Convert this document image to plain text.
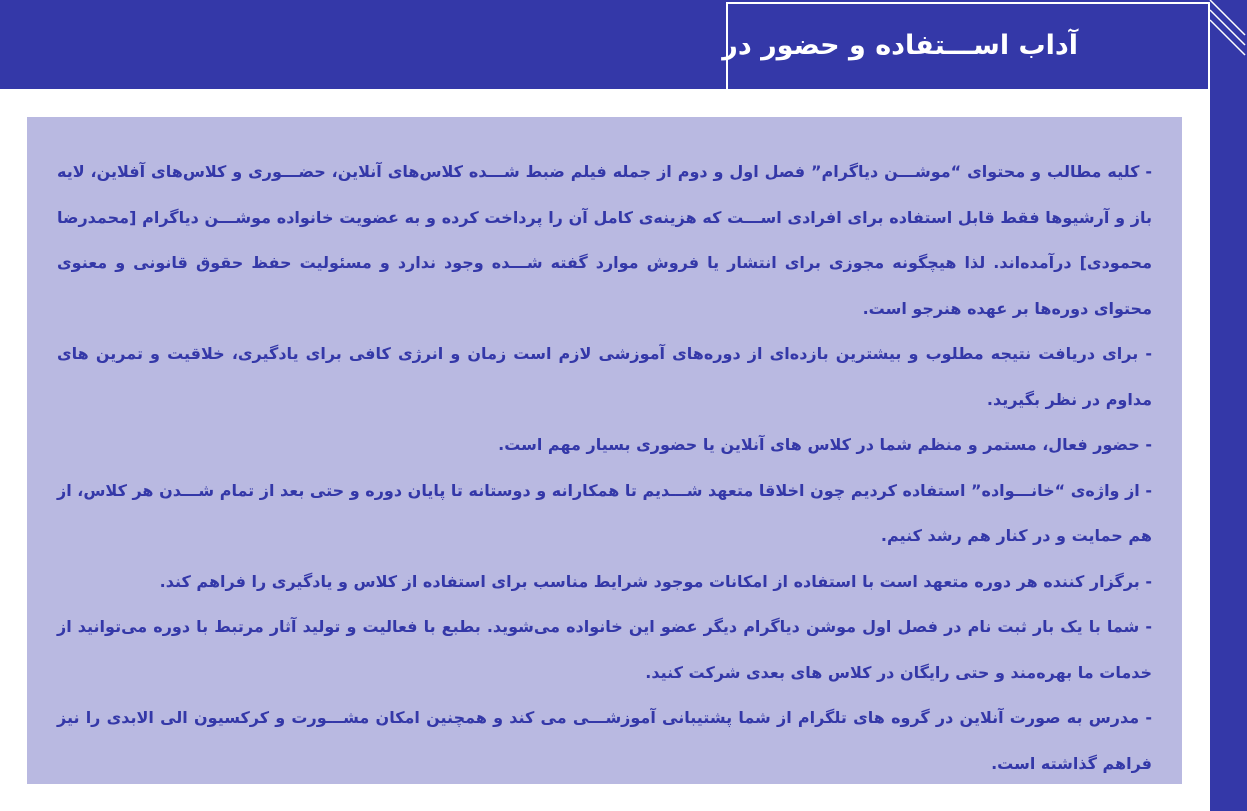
آداب اســـتفاده و حضور در

- کلیه مطالب و محتوای “موشـــن دیاگرام” فصل اول و دوم از جمله فیلم ضبط شـــده کلاس‌های آنلاین، حضـــوری و کلاس‌های آفلاین، لایه باز و آرشیوها فقط قابل استفاده برای افرادی اســـت که هزینه‌ی کامل آن را پرداخت کرده و به عضویت خانواده موشـــن دیاگرام [محمدرضا محمودی] درآمده‌اند. لذا هیچگونه مجوزی برای انتشار یا فروش موارد گفته شـــده وجود ندارد و مسئولیت حفظ حقوق قانونی و معنوی محتوای دوره‌ها بر عهده هنرجو است.

- برای دریافت نتیجه مطلوب و بیشترین بازده‌ای از دوره‌های آموزشی لازم است زمان و انرژی کافی برای یادگیری، خلاقیت و تمرین های مداوم در نظر بگیرید.

- حضور فعال، مستمر و منظم شما در کلاس های آنلاین یا حضوری بسیار مهم است.

- از واژه‌ی “خانـــواده” استفاده کردیم چون اخلاقا متعهد شـــدیم تا همکارانه و دوستانه تا پایان دوره و حتی بعد از تمام شـــدن هر کلاس، از هم حمایت و در کنار هم رشد کنیم.

- برگزار کننده هر دوره متعهد است با استفاده از امکانات موجود شرایط مناسب برای استفاده از کلاس و یادگیری را فراهم کند.

- شما با یک بار ثبت نام در فصل اول موشن دیاگرام دیگر عضو این خانواده می‌شوید. بطبع با فعالیت و تولید آثار مرتبط با دوره می‌توانید از خدمات ما بهره‌مند و حتی رایگان در کلاس های بعدی شرکت کنید.

- مدرس به صورت آنلاین در گروه های تلگرام از شما پشتیبانی آموزشـــی می کند و همچنین امکان مشـــورت و کرکسیون الی الابدی را نیز فراهم گذاشته است.
